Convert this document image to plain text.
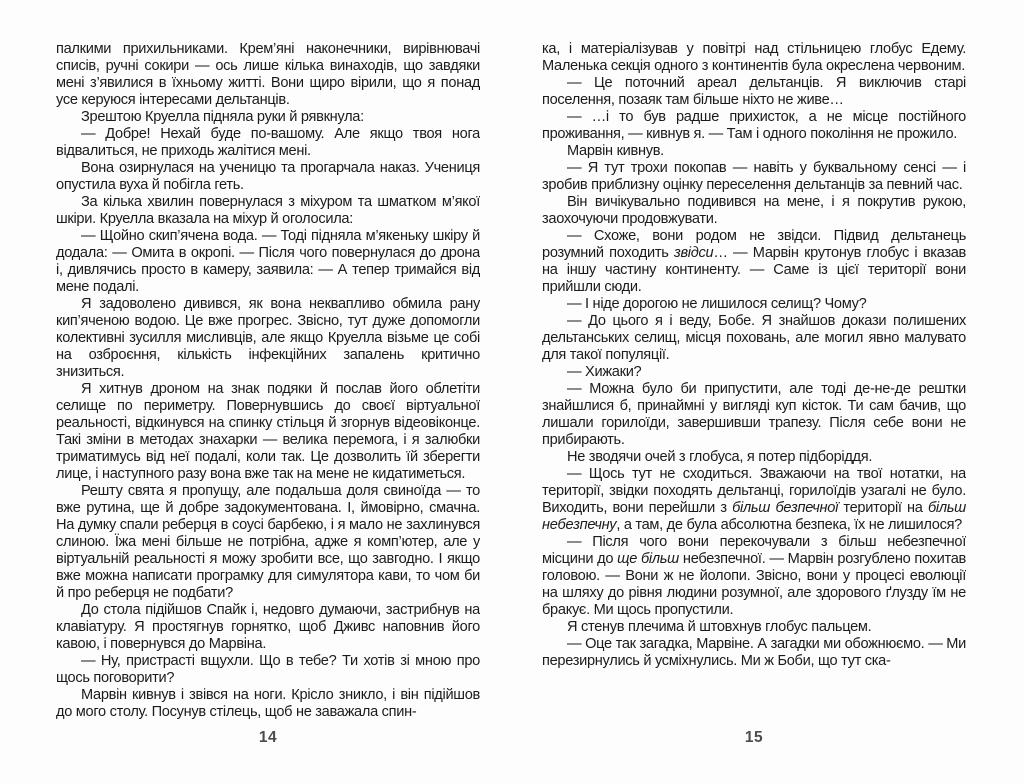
палкими прихильниками. Крем’яні наконечники, вирівнювачі списів, ручні сокири — ось лише кілька винаходів, що завдяки мені з’явилися в їхньому житті. Вони щиро вірили, що я понад усе керуюся інтересами дельтанців.

Зрештою Круелла підняла руки й рявкнула:

— Добре! Нехай буде по-вашому. Але якщо твоя нога відвалиться, не приходь жалітися мені.

Вона озирнулася на ученицю та прогарчала наказ. Учениця опустила вуха й побігла геть.

За кілька хвилин повернулася з міхуром та шматком м’якої шкіри. Круелла вказала на міхур й оголосила:

— Щойно скип’ячена вода. — Тоді підняла м’якеньку шкіру й додала: — Омита в окропі. — Після чого повернулася до дрона і, дивлячись просто в камеру, заявила: — А тепер тримайся від мене подалі.

Я задоволено дивився, як вона неквапливо обмила рану кип’яченою водою. Це вже прогрес. Звісно, тут дуже допомогли колективні зусилля мисливців, але якщо Круелла візьме це собі на озброєння, кількість інфекційних запалень критично знизиться.

Я хитнув дроном на знак подяки й послав його облетіти селище по периметру. Повернувшись до своєї віртуальної реальності, відкинувся на спинку стільця й згорнув відеовіконце. Такі зміни в методах знахарки — велика перемога, і я залюбки триматимусь від неї подалі, коли так. Це дозволить їй зберегти лице, і наступного разу вона вже так на мене не кидатиметься.

Решту свята я пропущу, але подальша доля свиноїда — то вже рутина, ще й добре задокументована. І, ймовірно, смачна. На думку спали реберця в соусі барбекю, і я мало не захлинувся слиною. Їжа мені більше не потрібна, адже я комп’ютер, але у віртуальній реальності я можу зробити все, що завгодно. І якщо вже можна написати програмку для симулятора кави, то чом би й про реберця не подбати?

До стола підійшов Спайк і, недовго думаючи, застрибнув на клавіатуру. Я простягнув горнятко, щоб Дживс наповнив його кавою, і повернувся до Марвіна.

— Ну, пристрасті вщухли. Що в тебе? Ти хотів зі мною про щось поговорити?

Марвін кивнув і звівся на ноги. Крісло зникло, і він підійшов до мого столу. Посунув стілець, щоб не заважала спин-

14

ка, і матеріалізував у повітрі над стільницею глобус Едему. Маленька секція одного з континентів була окреслена червоним.

— Це поточний ареал дельтанців. Я виключив старі поселення, позаяк там більше ніхто не живе…

— …і то був радше прихисток, а не місце постійного проживання, — кивнув я. — Там і одного покоління не прожило.

Марвін кивнув.

— Я тут трохи покопав — навіть у буквальному сенсі — і зробив приблизну оцінку переселення дельтанців за певний час.

Він вичікувально подивився на мене, і я покрутив рукою, заохочуючи продовжувати.

— Схоже, вони родом не звідси. Підвид дельтанець розумний походить звідси… — Марвін крутонув глобус і вказав на іншу частину континенту. — Саме із цієї території вони прийшли сюди.

— І ніде дорогою не лишилося селищ? Чому?

— До цього я і веду, Бобе. Я знайшов докази полишених дельтанських селищ, місця поховань, але могил явно малувато для такої популяції.

— Хижаки?

— Можна було би припустити, але тоді де-не-де рештки знайшлися б, принаймні у вигляді куп кісток. Ти сам бачив, що лишали горилоїди, завершивши трапезу. Після себе вони не прибирають.

Не зводячи очей з глобуса, я потер підборіддя.

— Щось тут не сходиться. Зважаючи на твої нотатки, на території, звідки походять дельтанці, горилоїдів узагалі не було. Виходить, вони перейшли з більш безпечної території на більш небезпечну, а там, де була абсолютна безпека, їх не лишилося?

— Після чого вони перекочували з більш небезпечної місцини до ще більш небезпечної. — Марвін розгублено похитав головою. — Вони ж не йолопи. Звісно, вони у процесі еволюції на шляху до рівня людини розумної, але здорового ґлузду їм не бракує. Ми щось пропустили.

Я стенув плечима й штовхнув глобус пальцем.

— Оце так загадка, Марвіне. А загадки ми обожнюємо. — Ми перезирнулись й усміхнулись. Ми ж Боби, що тут ска-

15
